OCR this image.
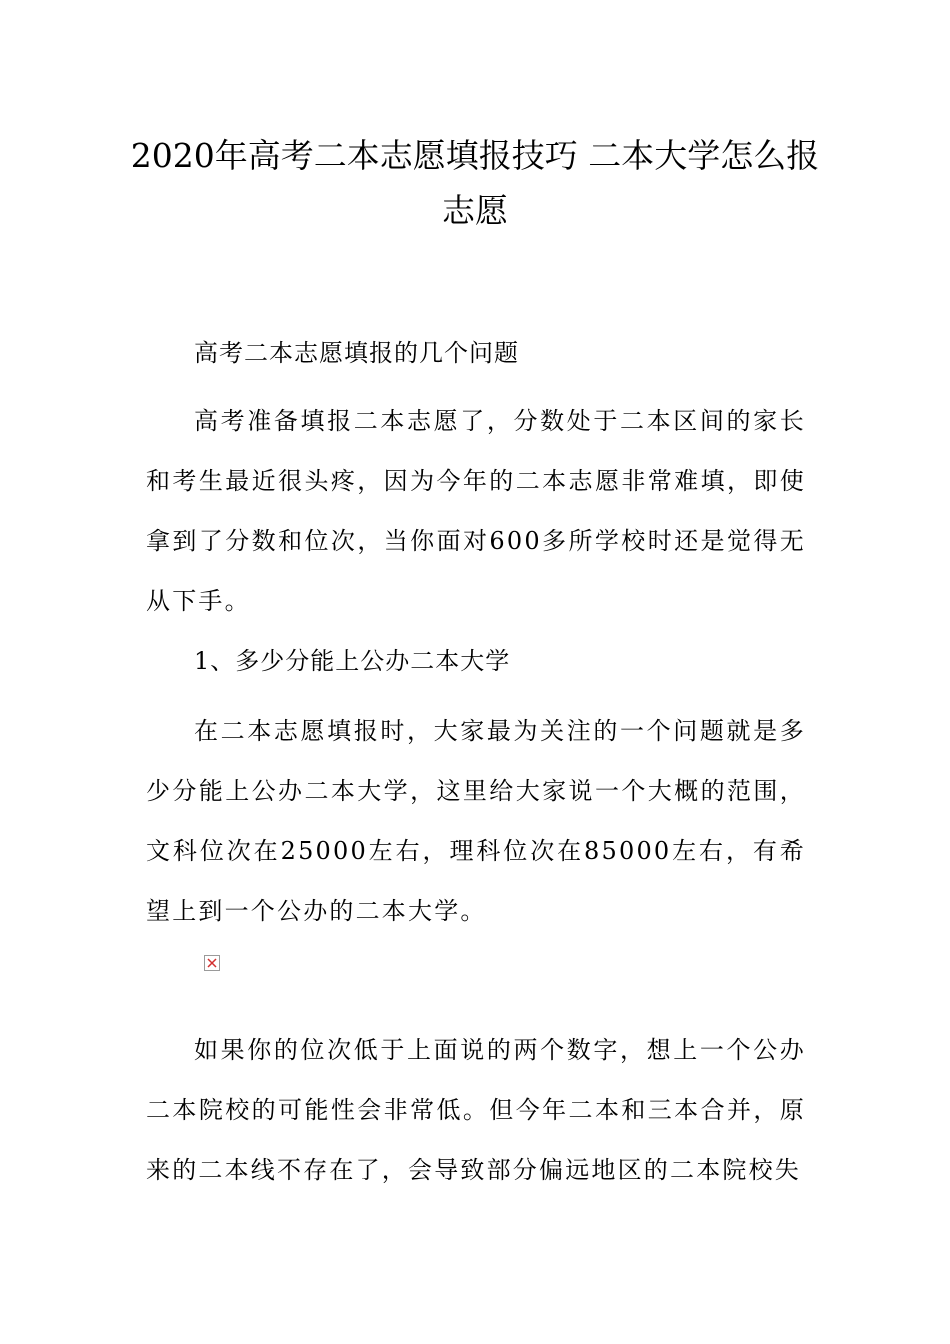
2020年高考二本志愿填报技巧 二本大学怎么报志愿

高考二本志愿填报的几个问题

高考准备填报二本志愿了，分数处于二本区间的家长和考生最近很头疼，因为今年的二本志愿非常难填，即使拿到了分数和位次，当你面对600多所学校时还是觉得无从下手。

1、多少分能上公办二本大学

在二本志愿填报时，大家最为关注的一个问题就是多少分能上公办二本大学，这里给大家说一个大概的范围，文科位次在25000左右，理科位次在85000左右，有希望上到一个公办的二本大学。

如果你的位次低于上面说的两个数字，想上一个公办二本院校的可能性会非常低。但今年二本和三本合并，原来的二本线不存在了，会导致部分偏远地区的二本院校失
